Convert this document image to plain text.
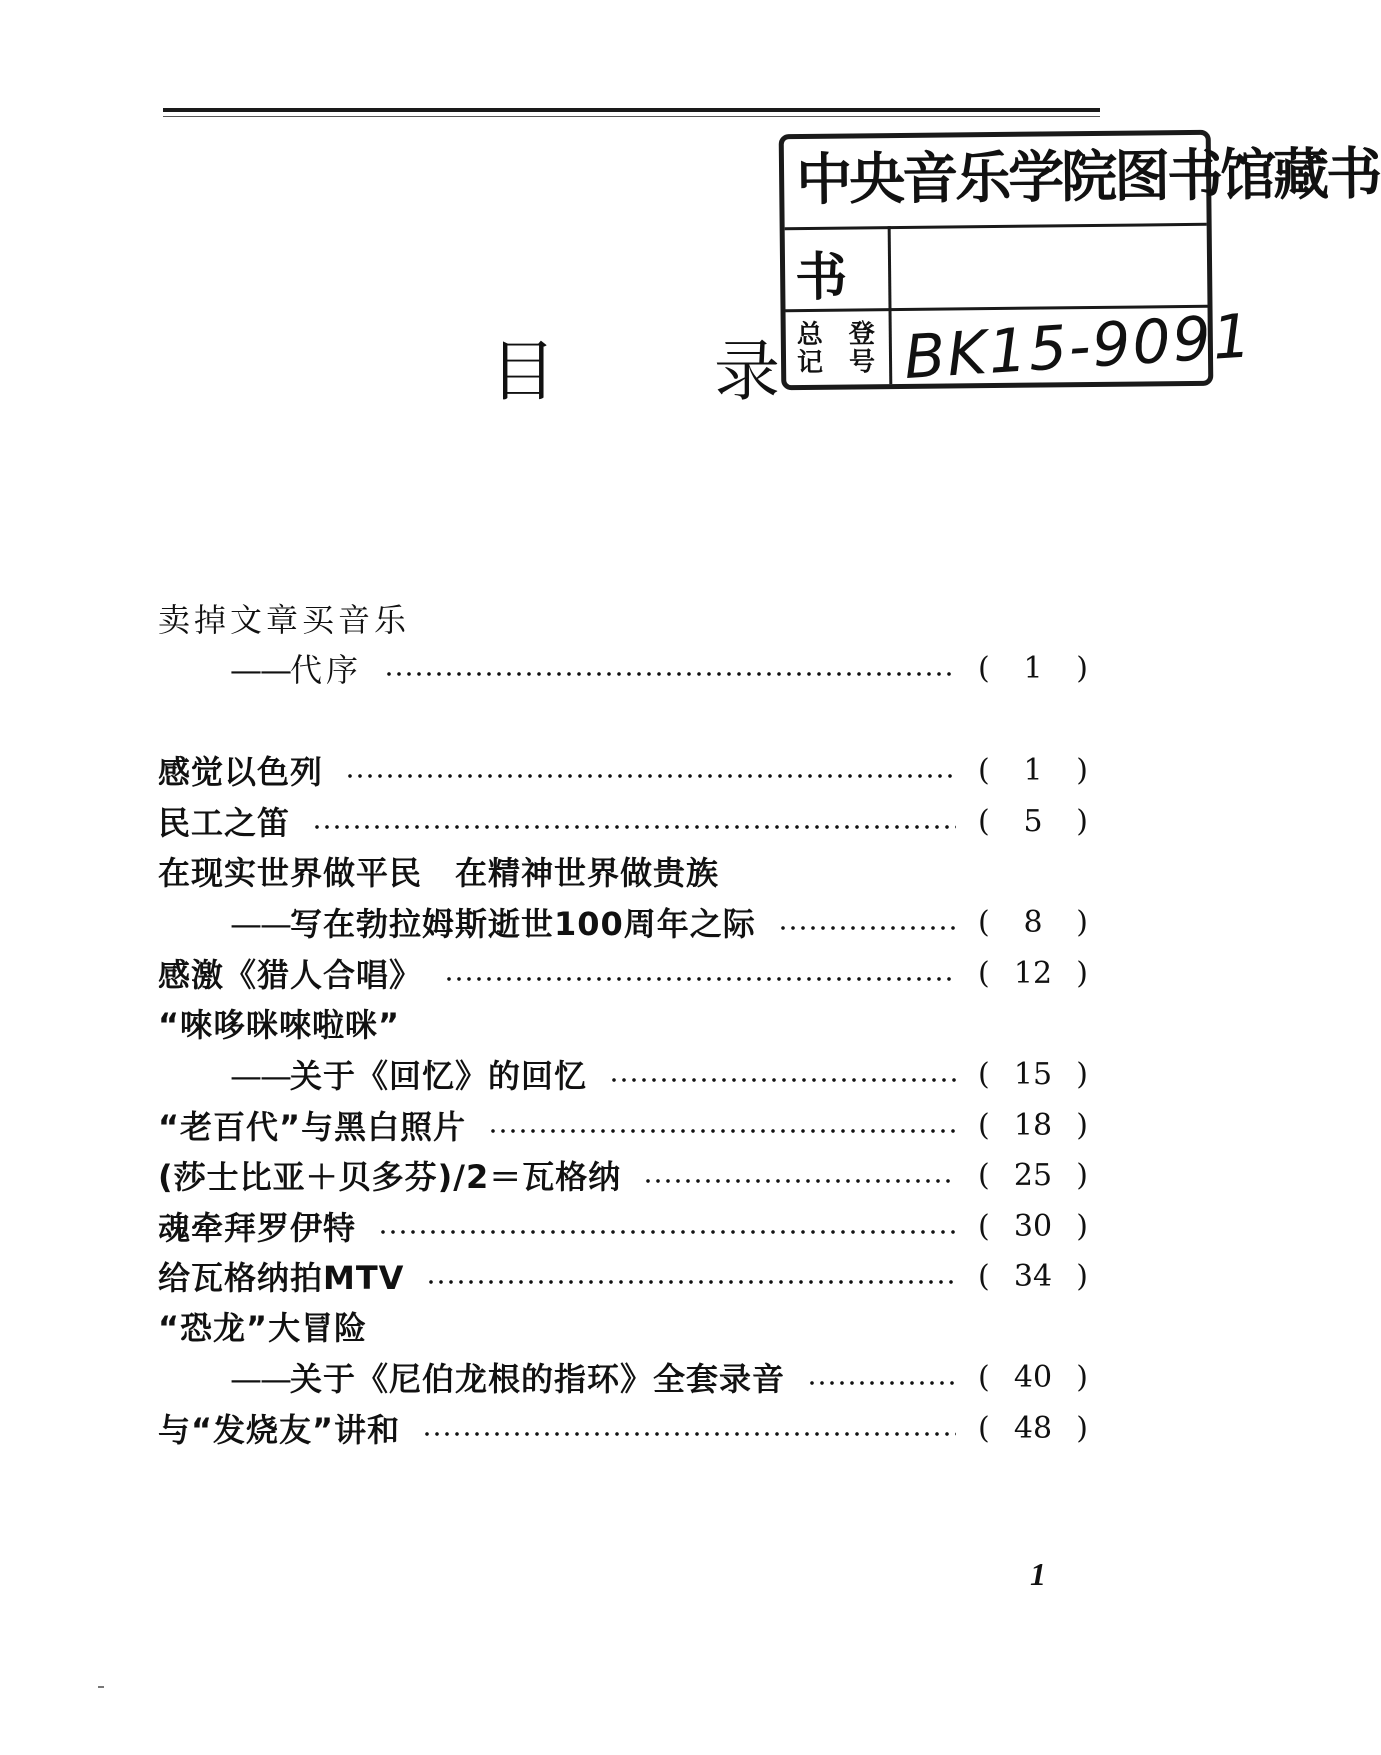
中央音乐学院图书馆藏书
书
总记
登号 BK15-9091
目 录
卖掉文章买音乐
——代序	(	1	)
感觉以色列	(	1	)
民工之笛	(	5	)
在现实世界做平民　在精神世界做贵族
——写在勃拉姆斯逝世100周年之际	(	8	)
感激《猎人合唱》	( 12 )
“唻哆咪唻啦咪”
——关于《回忆》的回忆	( 15 )
“老百代”与黑白照片	( 18 )
(莎士比亚＋贝多芬)/2＝瓦格纳	( 25 )
魂牵拜罗伊特	( 30 )
给瓦格纳拍MTV	( 34 )
“恐龙”大冒险
——关于《尼伯龙根的指环》全套录音	( 40 )
与“发烧友”讲和	( 48 )
1
